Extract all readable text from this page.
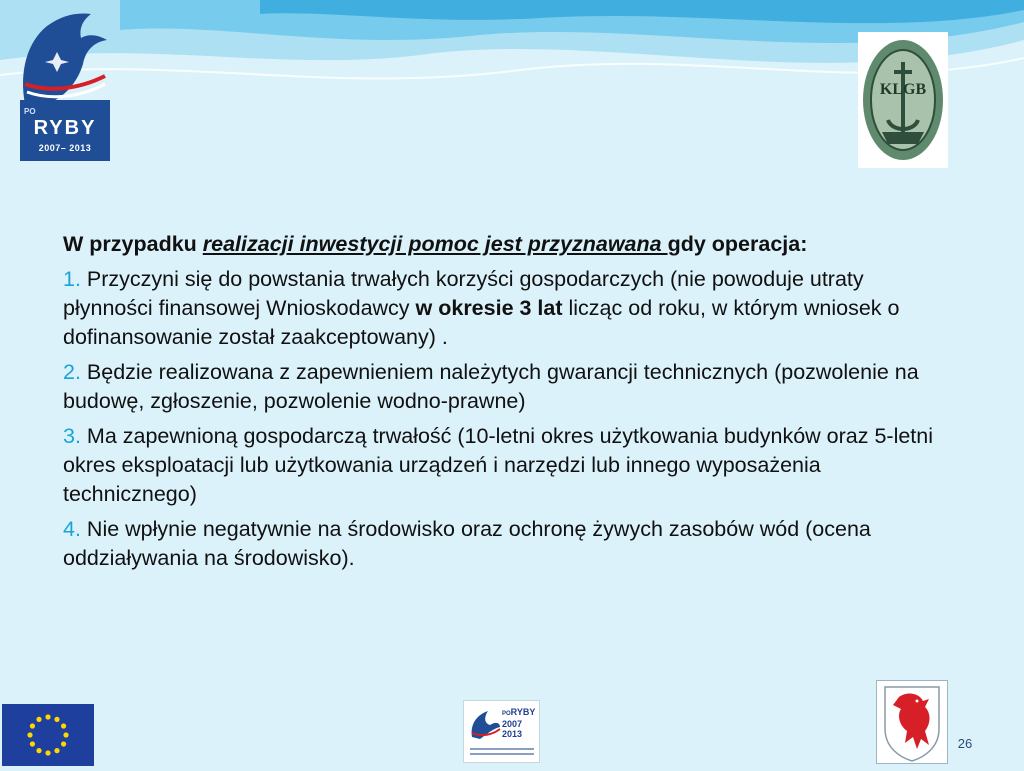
PO
RYBY
2007– 2013
KLGB

W przypadku realizacji inwestycji pomoc jest przyznawana gdy operacja:

1. Przyczyni się do powstania trwałych korzyści gospodarczych (nie powoduje utraty płynności finansowej Wnioskodawcy w okresie 3 lat licząc od roku, w którym wniosek o dofinansowanie został zaakceptowany) .

2. Będzie realizowana z zapewnieniem należytych gwarancji technicznych (pozwolenie na budowę, zgłoszenie, pozwolenie wodno-prawne)

3. Ma zapewnioną gospodarczą trwałość (10-letni okres użytkowania budynków oraz 5-letni okres eksploatacji lub użytkowania urządzeń i narzędzi lub innego wyposażenia technicznego)

4. Nie wpłynie negatywnie na środowisko oraz ochronę żywych zasobów wód (ocena oddziaływania na środowisko).

PORYBY
2007
2013
26
